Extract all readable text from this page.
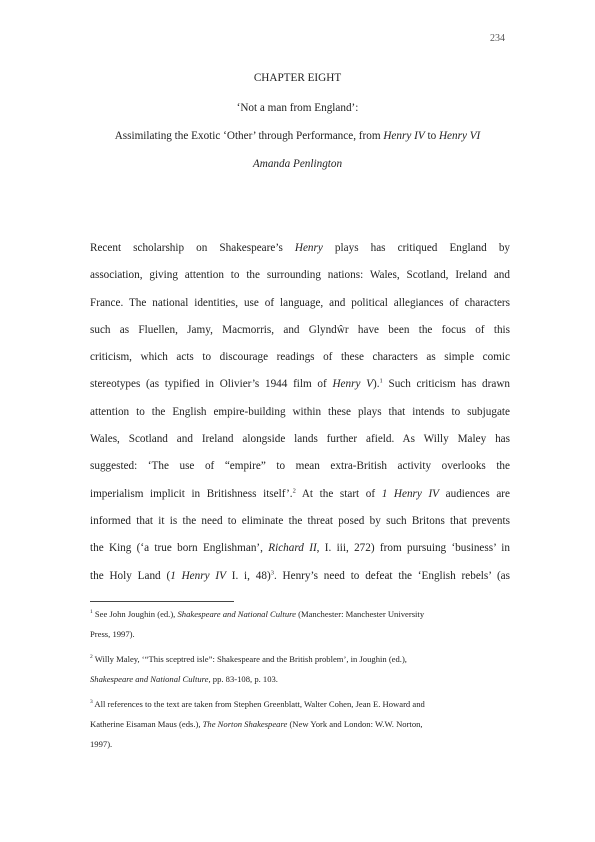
234
CHAPTER EIGHT
‘Not a man from England’:
Assimilating the Exotic ‘Other’ through Performance, from Henry IV to Henry VI
Amanda Penlington
Recent scholarship on Shakespeare’s Henry plays has critiqued England by
association, giving attention to the surrounding nations: Wales, Scotland, Ireland and
France. The national identities, use of language, and political allegiances of characters
such as Fluellen, Jamy, Macmorris, and Glyndŵr have been the focus of this
criticism, which acts to discourage readings of these characters as simple comic
stereotypes (as typified in Olivier’s 1944 film of Henry V).$^1$ Such criticism has drawn
attention to the English empire-building within these plays that intends to subjugate
Wales, Scotland and Ireland alongside lands further afield. As Willy Maley has
suggested: ‘The use of “empire” to mean extra-British activity overlooks the
imperialism implicit in Britishness itself’.$^2$ At the start of 1 Henry IV audiences are
informed that it is the need to eliminate the threat posed by such Britons that prevents
the King (‘a true born Englishman’, Richard II, I. iii, 272) from pursuing ‘business’ in
the Holy Land (1 Henry IV I. i, 48)$^3$. Henry’s need to defeat the ‘English rebels’ (as
$^1$ See John Joughin (ed.), Shakespeare and National Culture (Manchester: Manchester University
Press, 1997).
$^2$ Willy Maley, ‘“This sceptred isle”: Shakespeare and the British problem’, in Joughin (ed.),
Shakespeare and National Culture, pp. 83-108, p. 103.
$^3$ All references to the text are taken from Stephen Greenblatt, Walter Cohen, Jean E. Howard and
Katherine Eisaman Maus (eds.), The Norton Shakespeare (New York and London: W.W. Norton,
1997).
